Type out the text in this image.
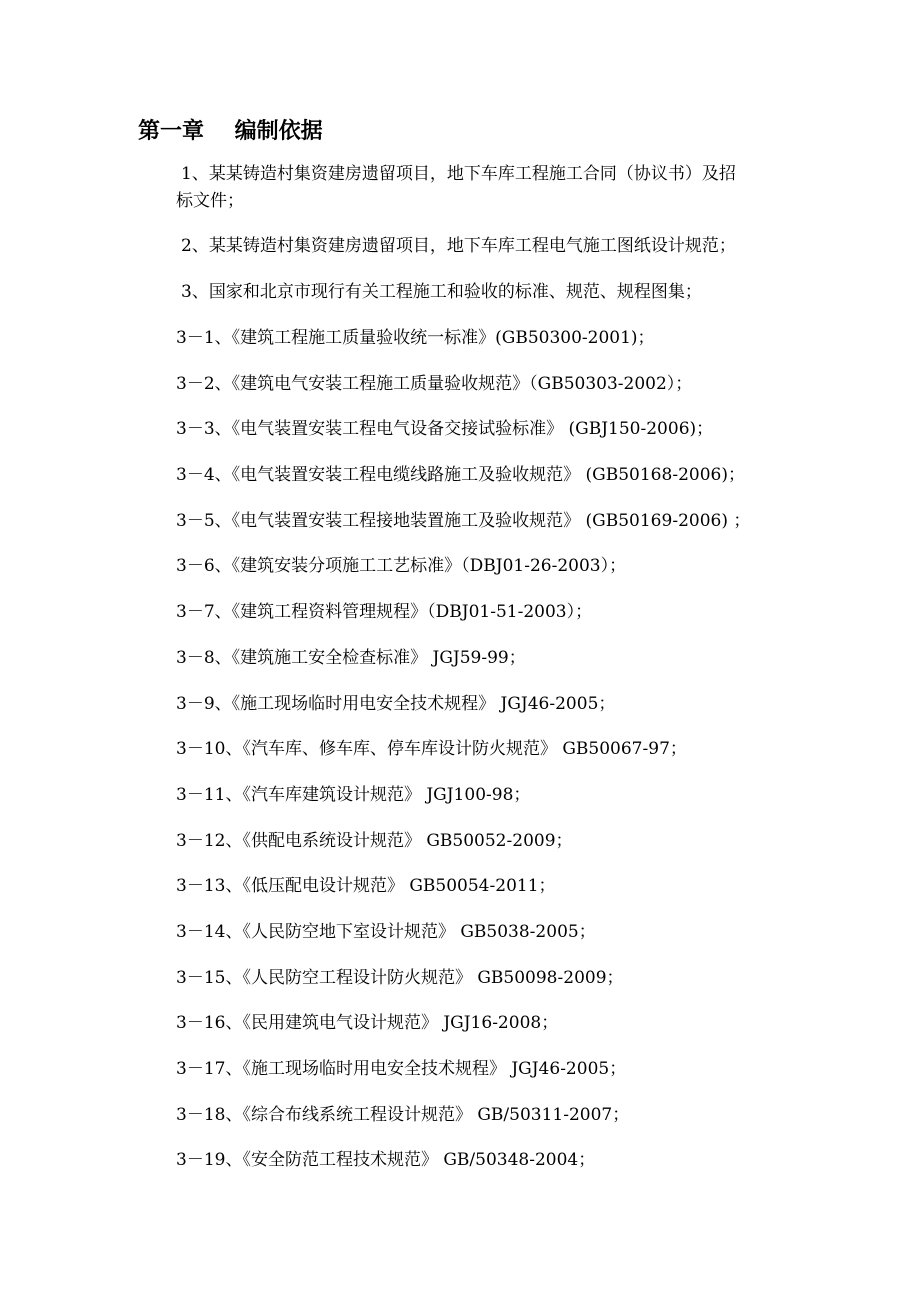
第一章    编制依据

1、某某铸造村集资建房遗留项目，地下车库工程施工合同（协议书）及招
标文件；

2、某某铸造村集资建房遗留项目，地下车库工程电气施工图纸设计规范；

3、国家和北京市现行有关工程施工和验收的标准、规范、规程图集；

3－1、《建筑工程施工质量验收统一标准》(GB50300-2001)；
3－2、《建筑电气安装工程施工质量验收规范》（GB50303-2002）；
3－3、《电气装置安装工程电气设备交接试验标准》 (GBJ150-2006)；
3－4、《电气装置安装工程电缆线路施工及验收规范》 (GB50168-2006)；
3－5、《电气装置安装工程接地装置施工及验收规范》 (GB50169-2006) ；
3－6、《建筑安装分项施工工艺标准》（DBJ01-26-2003）；
3－7、《建筑工程资料管理规程》（DBJ01-51-2003）；
3－8、《建筑施工安全检查标准》 JGJ59-99；
3－9、《施工现场临时用电安全技术规程》 JGJ46-2005；
3－10、《汽车库、修车库、停车库设计防火规范》 GB50067-97；
3－11、《汽车库建筑设计规范》 JGJ100-98；
3－12、《供配电系统设计规范》 GB50052-2009；
3－13、《低压配电设计规范》 GB50054-2011；
3－14、《人民防空地下室设计规范》 GB5038-2005；
3－15、《人民防空工程设计防火规范》 GB50098-2009；
3－16、《民用建筑电气设计规范》 JGJ16-2008；
3－17、《施工现场临时用电安全技术规程》 JGJ46-2005；
3－18、《综合布线系统工程设计规范》 GB/50311-2007；
3－19、《安全防范工程技术规范》 GB/50348-2004；
